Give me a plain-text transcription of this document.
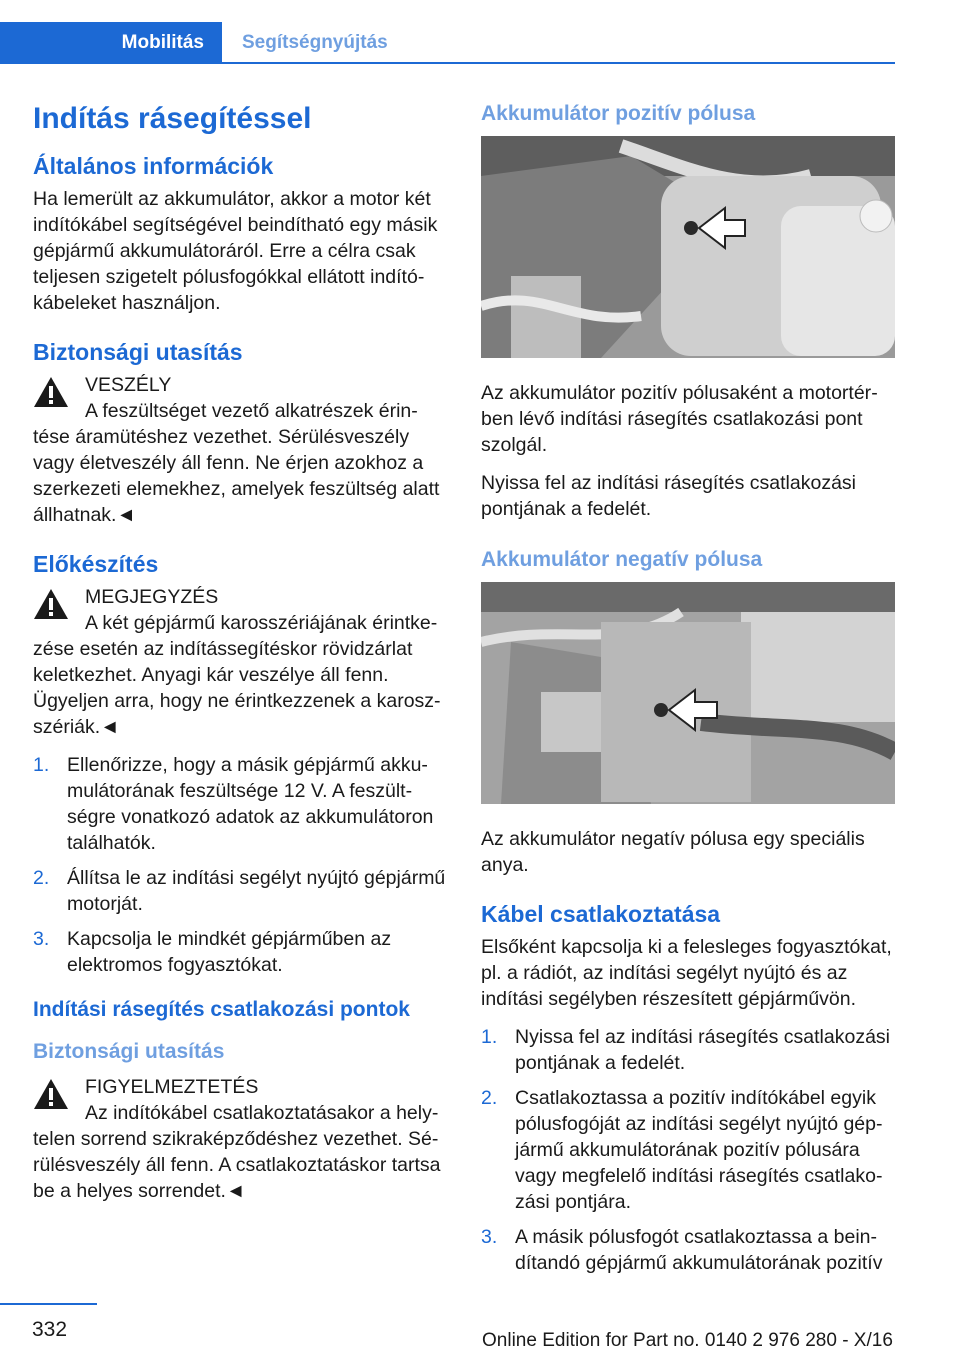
Mobilitás	Segítségnyújtás
Indítás rásegítéssel
Általános információk

Ha lemerült az akkumulátor, akkor a motor két indítókábel segítségével beindítható egy másik gépjármű akkumulátoráról. Erre a célra csak teljesen szigetelt pólusfogókkal ellátott indítókábeleket használjon.

Biztonsági utasítás
VESZÉLY
A feszültséget vezető alkatrészek érintése áramütéshez vezethet. Sérülésveszély vagy életveszély áll fenn. Ne érjen azokhoz a szerkezeti elemekhez, amelyek feszültség alatt állhatnak.◄
Előkészítés
MEGJEGYZÉS
A két gépjármű karosszériájának érintkezése esetén az indítássegítéskor rövidzárlat keletkezhet. Anyagi kár veszélye áll fenn. Ügyeljen arra, hogy ne érintkezzenek a karoszszériák.◄
1. Ellenőrizze, hogy a másik gépjármű akkumulátorának feszültsége 12 V. A feszültségre vonatkozó adatok az akkumulátoron találhatók.
2. Állítsa le az indítási segélyt nyújtó gépjármű motorját.
3. Kapcsolja le mindkét gépjárműben az elektromos fogyasztókat.
Indítási rásegítés csatlakozási pontok
Biztonsági utasítás
FIGYELMEZTETÉS
Az indítókábel csatlakoztatásakor a helytelen sorrend szikraképződéshez vezethet. Sérülésveszély áll fenn. A csatlakoztatáskor tartsa be a helyes sorrendet.◄
Akkumulátor pozitív pólusa

Az akkumulátor pozitív pólusaként a motortérben lévő indítási rásegítés csatlakozási pont szolgál.

Nyissa fel az indítási rásegítés csatlakozási pontjának a fedelét.

Akkumulátor negatív pólusa

Az akkumulátor negatív pólusa egy speciális anya.

Kábel csatlakoztatása

Elsőként kapcsolja ki a felesleges fogyasztókat, pl. a rádiót, az indítási segélyt nyújtó és az indítási segélyben részesített gépjárművön.

1. Nyissa fel az indítási rásegítés csatlakozási pontjának a fedelét.
2. Csatlakoztassa a pozitív indítókábel egyik pólusfogóját az indítási segélyt nyújtó gépjármű akkumulátorának pozitív pólusára vagy megfelelő indítási rásegítés csatlakozási pontjára.
3. A másik pólusfogót csatlakoztassa a beindítandó gépjármű akkumulátorának pozitív
332	Online Edition for Part no. 0140 2 976 280 - X/16
